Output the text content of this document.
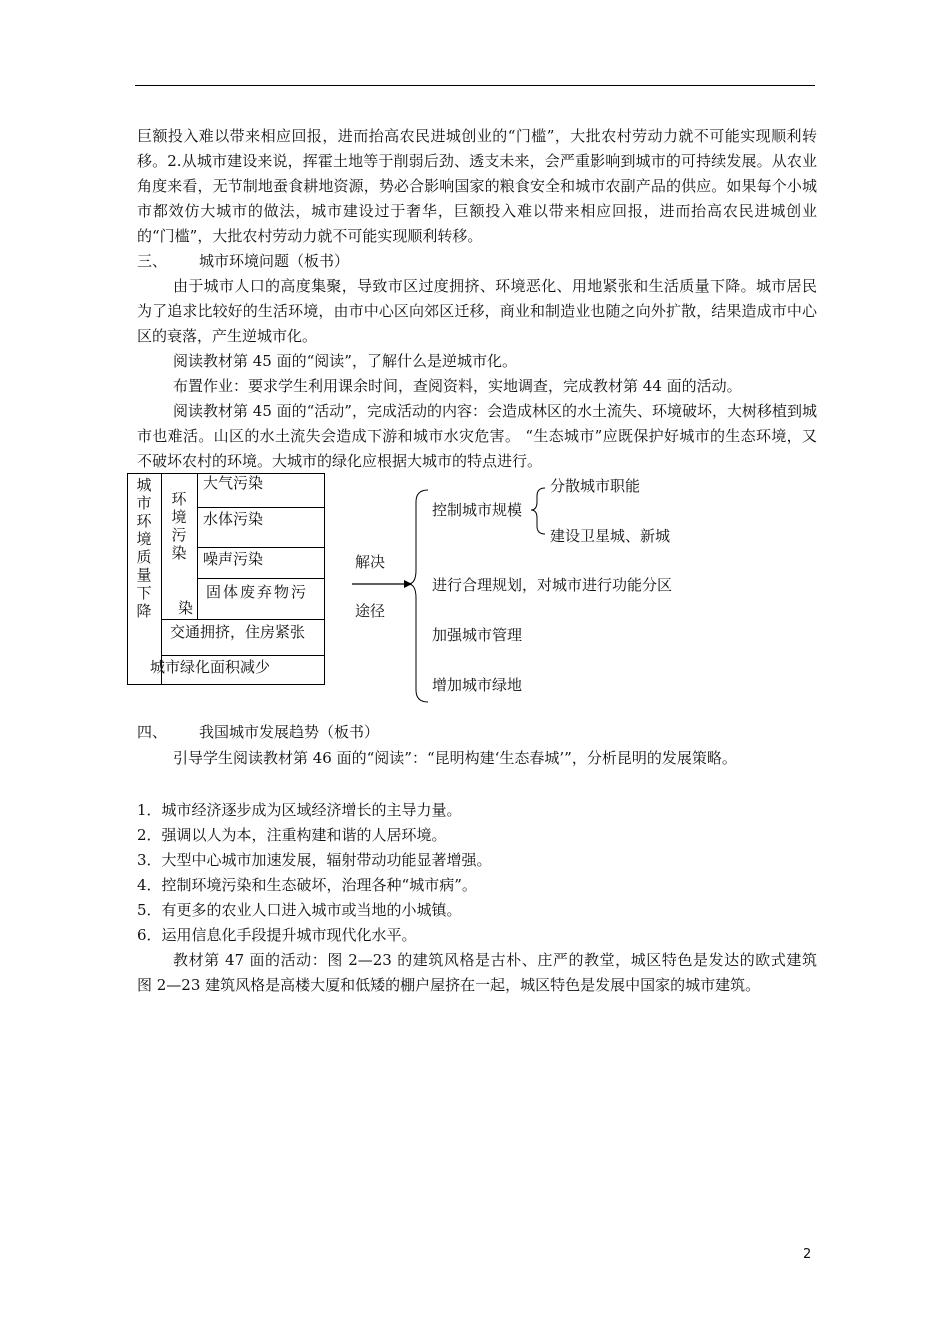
巨额投入难以带来相应回报，进而抬高农民进城创业的“门槛”，大批农村劳动力就不可能实现顺利转移。2.从城市建设来说，挥霍土地等于削弱后劲、透支未来，会严重影响到城市的可持续发展。从农业角度来看，无节制地蚕食耕地资源，势必合影响国家的粮食安全和城市农副产品的供应。如果每个小城市都效仿大城市的做法，城市建设过于奢华，巨额投入难以带来相应回报，进而抬高农民进城创业的“门槛”，大批农村劳动力就不可能实现顺利转移。

三、 城市环境问题（板书）

由于城市人口的高度集聚，导致市区过度拥挤、环境恶化、用地紧张和生活质量下降。城市居民为了追求比较好的生活环境，由市中心区向郊区迁移，商业和制造业也随之向外扩散，结果造成市中心区的衰落，产生逆城市化。

阅读教材第 45 面的“阅读”，了解什么是逆城市化。

布置作业：要求学生利用课余时间，查阅资料，实地调查，完成教材第 44 面的活动。

阅读教材第 45 面的“活动”，完成活动的内容：会造成林区的水土流失、环境破坏，大树移植到城市也难活。山区的水土流失会造成下游和城市水灾危害。 “生态城市”应既保护好城市的生态环境，又不破坏农村的环境。大城市的绿化应根据大城市的特点进行。

城市环境质量下降
环境污染
染
大气污染
水体污染
噪声污染
固体废弃物污
交通拥挤，住房紧张
城市绿化面积减少
解决
途径
控制城市规模
分散城市职能
建设卫星城、新城
进行合理规划，对城市进行功能分区
加强城市管理
增加城市绿地
四、 我国城市发展趋势（板书）

引导学生阅读教材第 46 面的“阅读”：“昆明构建‘生态春城’”，分析昆明的发展策略。

1．城市经济逐步成为区域经济增长的主导力量。
2．强调以人为本，注重构建和谐的人居环境。
3．大型中心城市加速发展，辐射带动功能显著增强。
4．控制环境污染和生态破坏，治理各种“城市病”。
5．有更多的农业人口进入城市或当地的小城镇。
6．运用信息化手段提升城市现代化水平。

教材第 47 面的活动：图 2—23 的建筑风格是古朴、庄严的教堂，城区特色是发达的欧式建筑　图 2—23 建筑风格是高楼大厦和低矮的棚户屋挤在一起，城区特色是发展中国家的城市建筑。

2
